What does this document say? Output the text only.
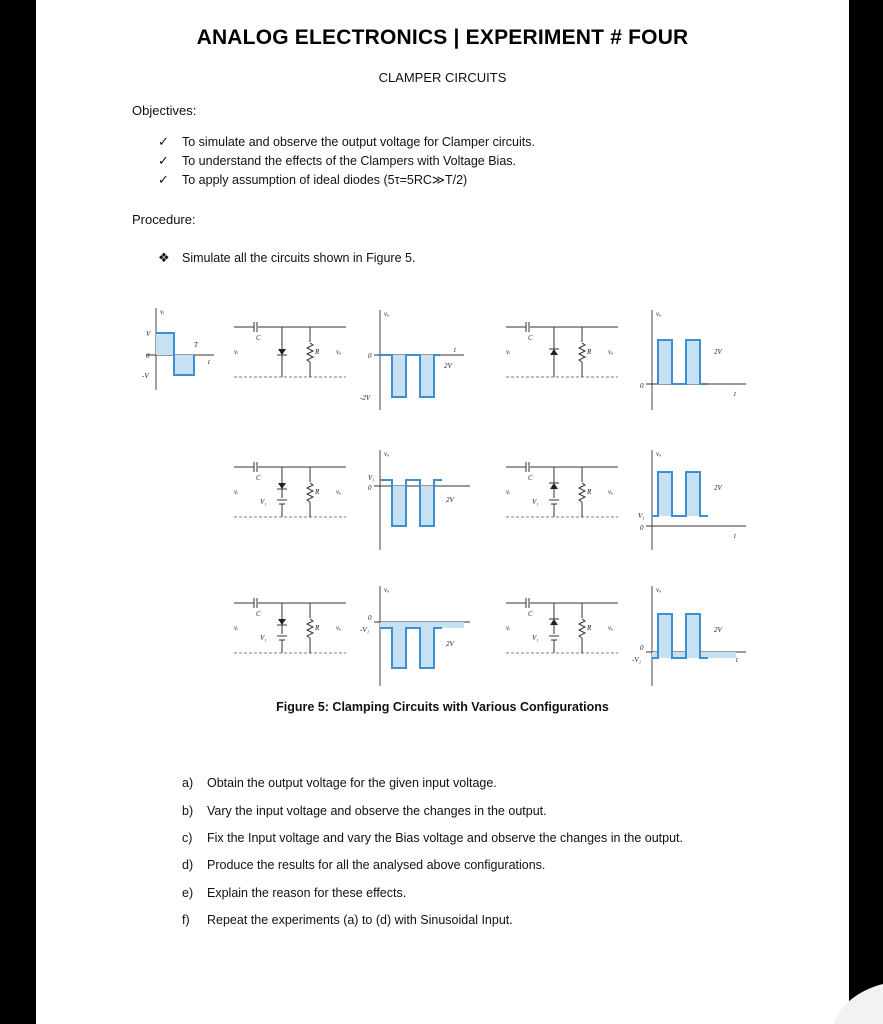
ANALOG ELECTRONICS | EXPERIMENT # FOUR
CLAMPER CIRCUITS
Objectives:
✓ To simulate and observe the output voltage for Clamper circuits.
✓ To understand the effects of the Clampers with Voltage Bias.
✓ To apply assumption of ideal diodes (5τ=5RC≫T/2)
Procedure:
❖ Simulate all the circuits shown in Figure 5.
V
0
-V
T
t
vᵢ
C
R
vᵢ	vₒ	0
-2V
2V
t
vₒ
C
R
vᵢ	vₒ
0
2V
t
vₒ
C
R
vᵢ	vₒ
V₁
V₁
0
2V
vₒ
C
R
vᵢ	vₒ
V₁
V₁
0
2V
t
vₒ
C
R
vᵢ	vₒ
V₁
0
-V₁
2V
vₒ
C
R
vᵢ	vₒ
V₁
0
-V₁
2V
t
vₒ
Figure 5: Clamping Circuits with Various Configurations
a) Obtain the output voltage for the given input voltage.
b) Vary the input voltage and observe the changes in the output.
c) Fix the Input voltage and vary the Bias voltage and observe the changes in the output.
d) Produce the results for all the analysed above configurations.
e) Explain the reason for these effects.
f) Repeat the experiments (a) to (d) with Sinusoidal Input.
